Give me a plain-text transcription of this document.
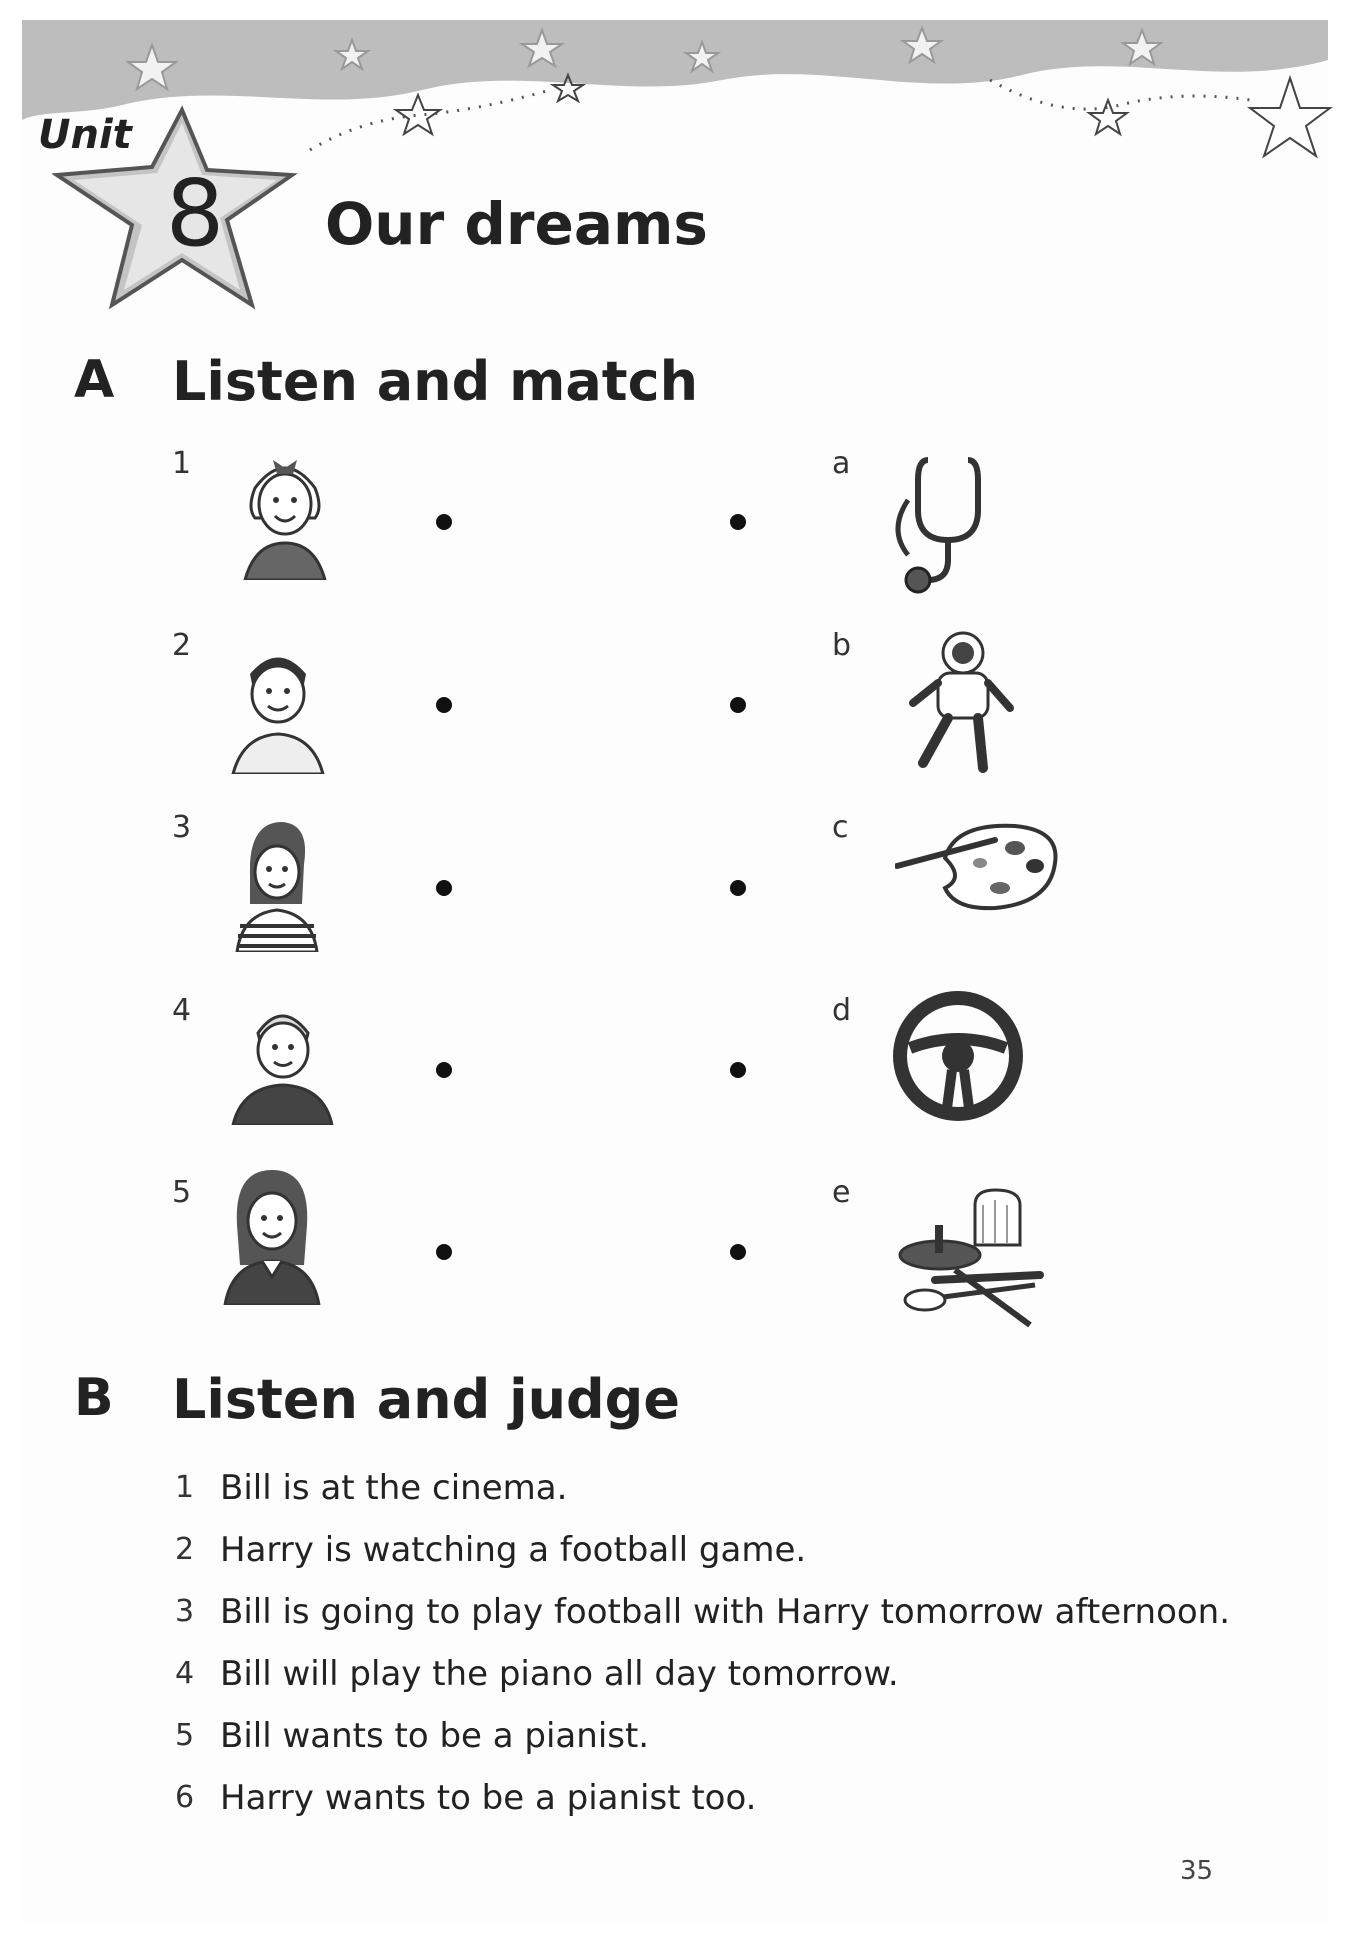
Unit
8 Our dreams
A Listen and match
1	a
2	b
3	c
4	d
5	e
B Listen and judge
1 Bill is at the cinema.
2 Harry is watching a football game.
3 Bill is going to play football with Harry tomorrow afternoon.
4 Bill will play the piano all day tomorrow.
5 Bill wants to be a pianist.
6 Harry wants to be a pianist too.
35
